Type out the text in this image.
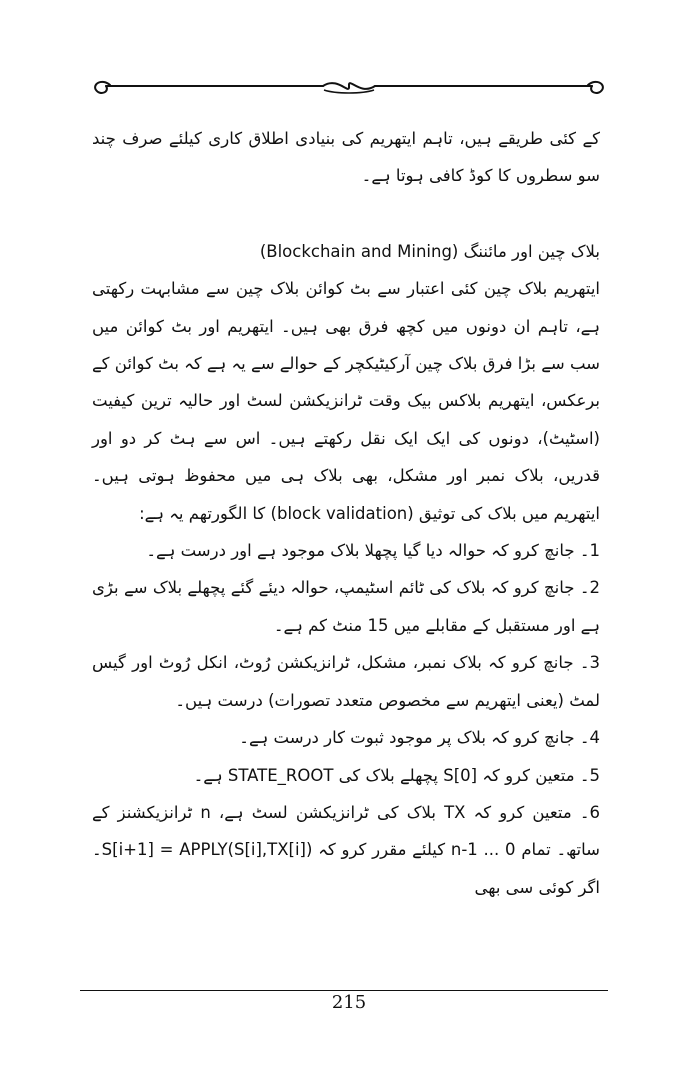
کے کئی طریقے ہیں، تاہم ایتھریم کی بنیادی اطلاق کاری کیلئے صرف چند سو سطروں کا کوڈ کافی ہوتا ہے۔

بلاک چین اور مائننگ (Blockchain and Mining)

ایتھریم بلاک چین کئی اعتبار سے بٹ کوائن بلاک چین سے مشابہت رکھتی ہے، تاہم ان دونوں میں کچھ فرق بھی ہیں۔ ایتھریم اور بٹ کوائن میں سب سے بڑا فرق بلاک چین آرکیٹیکچر کے حوالے سے یہ ہے کہ بٹ کوائن کے برعکس، ایتھریم بلاکس بیک وقت ٹرانزیکشن لسٹ اور حالیہ ترین کیفیت (اسٹیٹ)، دونوں کی ایک ایک نقل رکھتے ہیں۔ اس سے ہٹ کر دو اور قدریں، بلاک نمبر اور مشکل، بھی بلاک ہی میں محفوظ ہوتی ہیں۔ ایتھریم میں بلاک کی توثیق (block validation) کا الگورتھم یہ ہے:

1۔ جانچ کرو کہ حوالہ دیا گیا پچھلا بلاک موجود ہے اور درست ہے۔

2۔ جانچ کرو کہ بلاک کی ٹائم اسٹیمپ، حوالہ دیئے گئے پچھلے بلاک سے بڑی ہے اور مستقبل کے مقابلے میں 15 منٹ کم ہے۔

3۔ جانچ کرو کہ بلاک نمبر، مشکل، ٹرانزیکشن رُوٹ، انکل رُوٹ اور گیس لمٹ (یعنی ایتھریم سے مخصوص متعدد تصورات) درست ہیں۔

4۔ جانچ کرو کہ بلاک پر موجود ثبوت کار درست ہے۔

5۔ متعین کرو کہ S[0] پچھلے بلاک کی STATE_ROOT ہے۔

6۔ متعین کرو کہ TX بلاک کی ٹرانزیکشن لسٹ ہے، n ٹرانزیکشنز کے ساتھ۔ تمام n-1 ... 0 کیلئے مقرر کرو کہ S[i+1] = APPLY(S[i],TX[i])۔ اگر کوئی سی بھی

215
